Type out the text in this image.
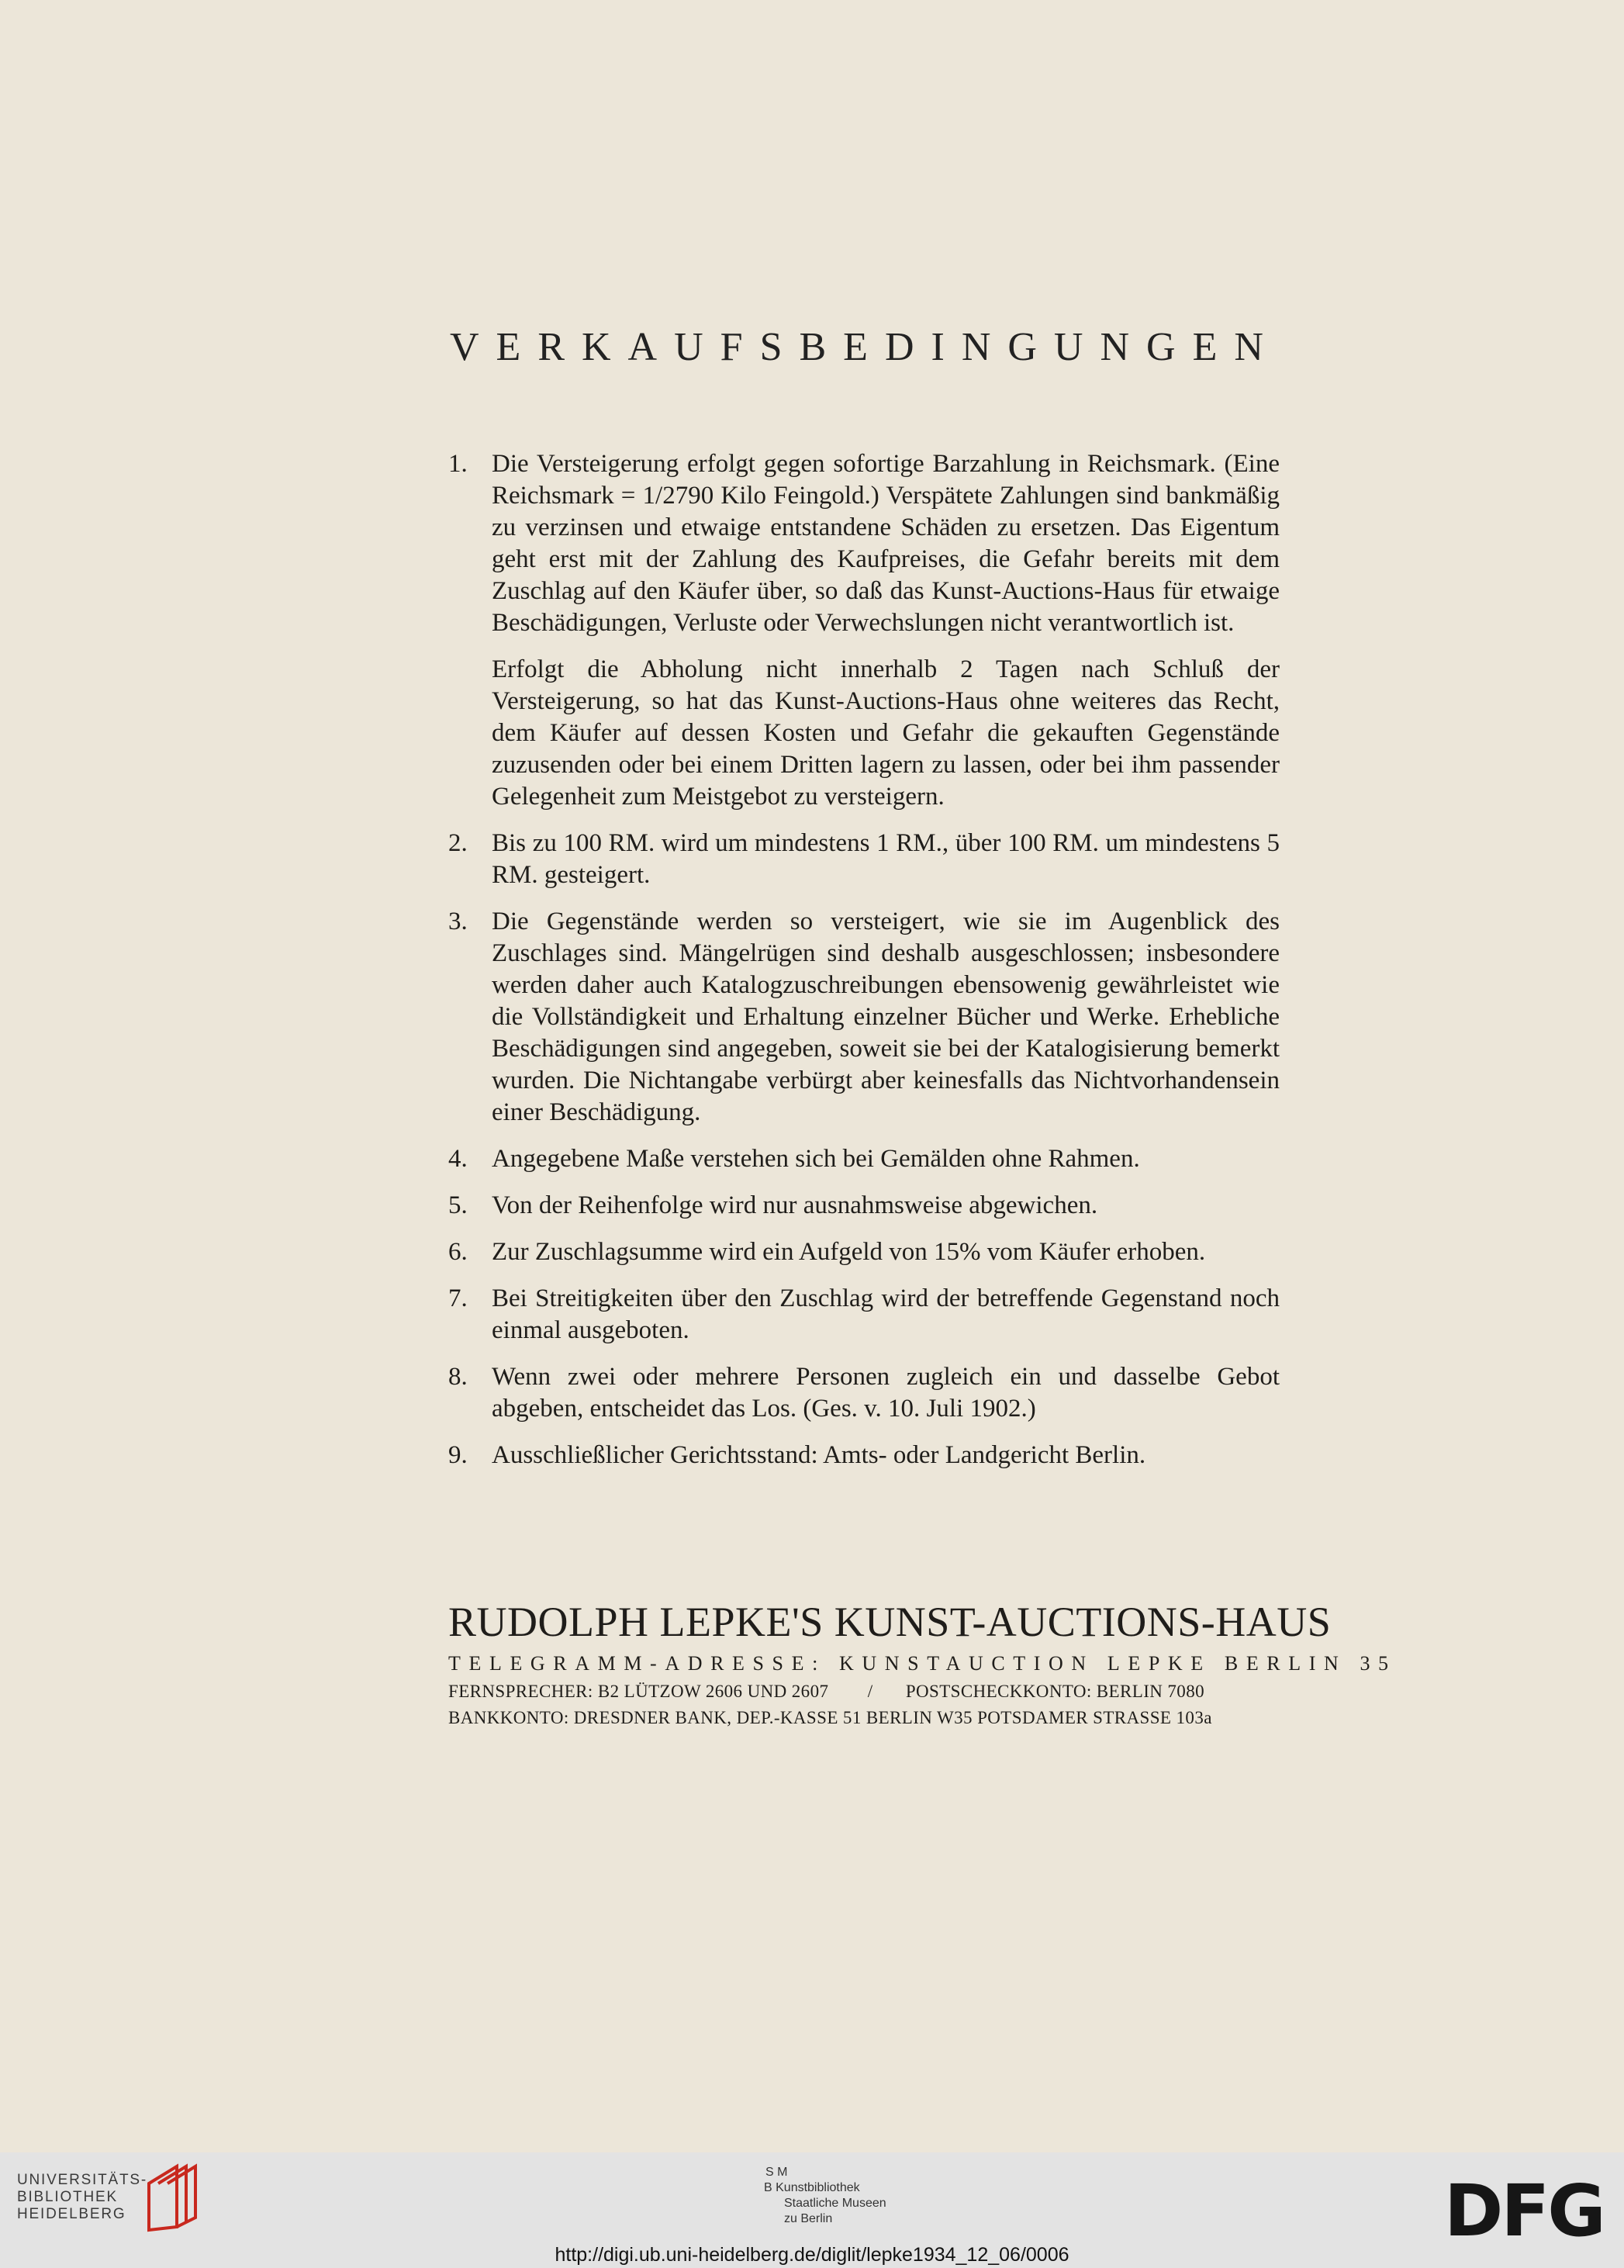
VERKAUFSBEDINGUNGEN
1. Die Versteigerung erfolgt gegen sofortige Barzahlung in Reichsmark. (Eine Reichsmark = 1/2790 Kilo Feingold.) Verspätete Zahlungen sind bankmäßig zu verzinsen und etwaige entstandene Schäden zu ersetzen. Das Eigentum geht erst mit der Zahlung des Kaufpreises, die Gefahr bereits mit dem Zuschlag auf den Käufer über, so daß das Kunst-Auctions-Haus für etwaige Beschädigungen, Verluste oder Verwechslungen nicht verantwortlich ist.

Erfolgt die Abholung nicht innerhalb 2 Tagen nach Schluß der Versteigerung, so hat das Kunst-Auctions-Haus ohne weiteres das Recht, dem Käufer auf dessen Kosten und Gefahr die gekauften Gegenstände zuzusenden oder bei einem Dritten lagern zu lassen, oder bei ihm passender Gelegenheit zum Meistgebot zu versteigern.

2. Bis zu 100 RM. wird um mindestens 1 RM., über 100 RM. um mindestens 5 RM. gesteigert.

3. Die Gegenstände werden so versteigert, wie sie im Augenblick des Zuschlages sind. Mängelrügen sind deshalb ausgeschlossen; insbesondere werden daher auch Katalogzuschreibungen ebensowenig gewährleistet wie die Vollständigkeit und Erhaltung einzelner Bücher und Werke. Erhebliche Beschädigungen sind angegeben, soweit sie bei der Katalogisierung bemerkt wurden. Die Nichtangabe verbürgt aber keinesfalls das Nichtvorhandensein einer Beschädigung.

4. Angegebene Maße verstehen sich bei Gemälden ohne Rahmen.

5. Von der Reihenfolge wird nur ausnahmsweise abgewichen.

6. Zur Zuschlagsumme wird ein Aufgeld von 15% vom Käufer erhoben.

7. Bei Streitigkeiten über den Zuschlag wird der betreffende Gegenstand noch einmal ausgeboten.

8. Wenn zwei oder mehrere Personen zugleich ein und dasselbe Gebot abgeben, entscheidet das Los. (Ges. v. 10. Juli 1902.)

9. Ausschließlicher Gerichtsstand: Amts- oder Landgericht Berlin.

RUDOLPH LEPKE'S KUNST-AUCTIONS-HAUS
TELEGRAMM-ADRESSE: KUNSTAUCTION LEPKE BERLIN 35
FERNSPRECHER: B2 LÜTZOW 2606 UND 2607 / POSTSCHECKKONTO: BERLIN 7080
BANKKONTO: DRESDNER BANK, DEP.-KASSE 51 BERLIN W35 POTSDAMER STRASSE 103a
UNIVERSITÄTS-
BIBLIOTHEK
HEIDELBERG
S M
B Kunstbibliothek
Staatliche Museen
zu Berlin	DFG
http://digi.ub.uni-heidelberg.de/diglit/lepke1934_12_06/0006
